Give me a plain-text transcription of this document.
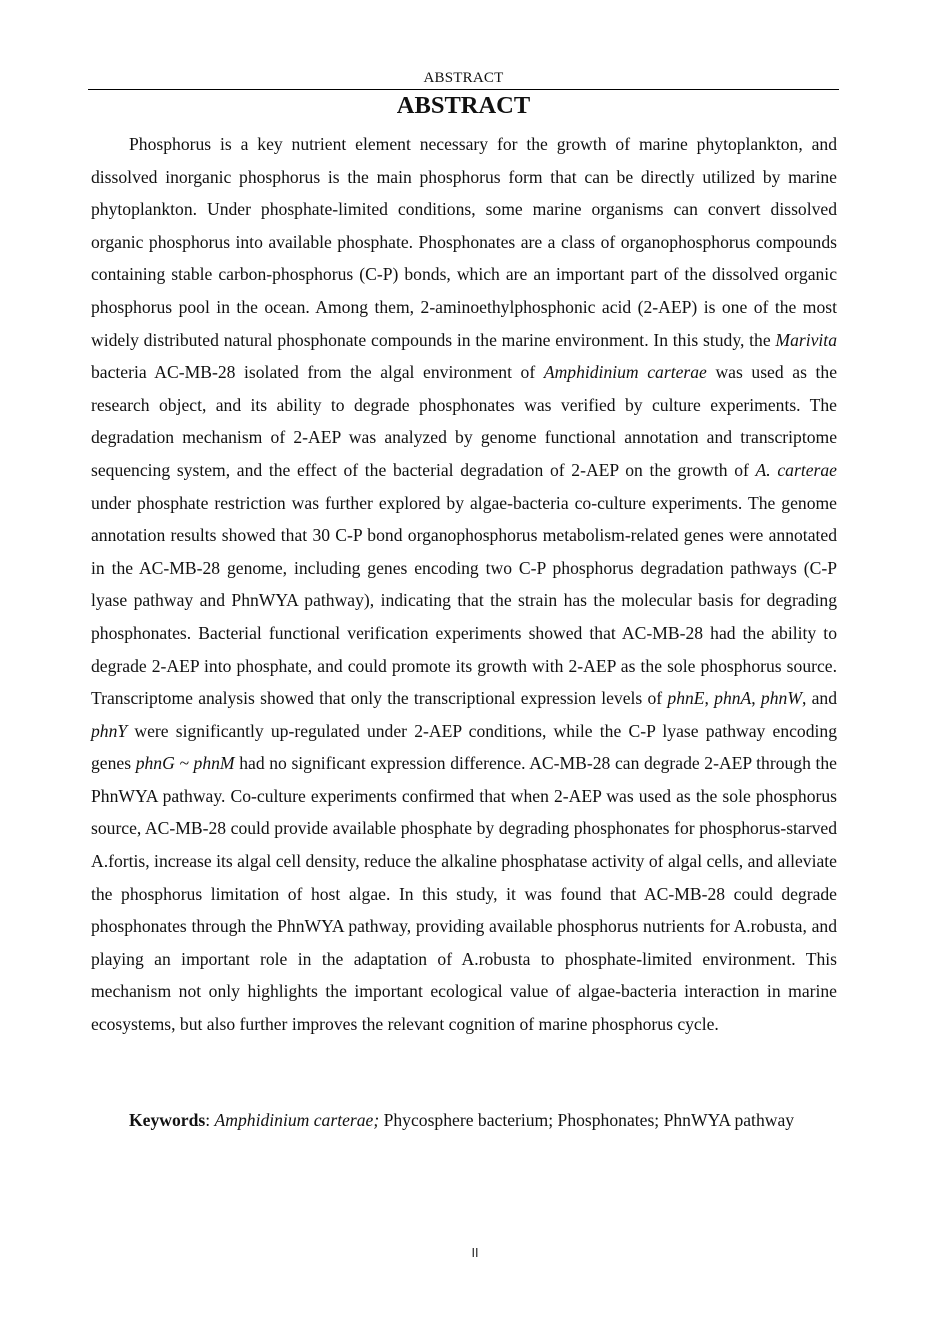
ABSTRACT
ABSTRACT

Phosphorus is a key nutrient element necessary for the growth of marine phytoplankton, and dissolved inorganic phosphorus is the main phosphorus form that can be directly utilized by marine phytoplankton. Under phosphate-limited conditions, some marine organisms can convert dissolved organic phosphorus into available phosphate. Phosphonates are a class of organophosphorus compounds containing stable carbon-phosphorus (C-P) bonds, which are an important part of the dissolved organic phosphorus pool in the ocean. Among them, 2-aminoethylphosphonic acid (2-AEP) is one of the most widely distributed natural phosphonate compounds in the marine environment. In this study, the Marivita bacteria AC-MB-28 isolated from the algal environment of Amphidinium carterae was used as the research object, and its ability to degrade phosphonates was verified by culture experiments. The degradation mechanism of 2-AEP was analyzed by genome functional annotation and transcriptome sequencing system, and the effect of the bacterial degradation of 2-AEP on the growth of A. carterae under phosphate restriction was further explored by algae-bacteria co-culture experiments. The genome annotation results showed that 30 C-P bond organophosphorus metabolism-related genes were annotated in the AC-MB-28 genome, including genes encoding two C-P phosphorus degradation pathways (C-P lyase pathway and PhnWYA pathway), indicating that the strain has the molecular basis for degrading phosphonates. Bacterial functional verification experiments showed that AC-MB-28 had the ability to degrade 2-AEP into phosphate, and could promote its growth with 2-AEP as the sole phosphorus source. Transcriptome analysis showed that only the transcriptional expression levels of phnE, phnA, phnW, and phnY were significantly up-regulated under 2-AEP conditions, while the C-P lyase pathway encoding genes phnG ~ phnM had no significant expression difference. AC-MB-28 can degrade 2-AEP through the PhnWYA pathway. Co-culture experiments confirmed that when 2-AEP was used as the sole phosphorus source, AC-MB-28 could provide available phosphate by degrading phosphonates for phosphorus-starved A.fortis, increase its algal cell density, reduce the alkaline phosphatase activity of algal cells, and alleviate the phosphorus limitation of host algae. In this study, it was found that AC-MB-28 could degrade phosphonates through the PhnWYA pathway, providing available phosphorus nutrients for A.robusta, and playing an important role in the adaptation of A.robusta to phosphate-limited environment. This mechanism not only highlights the important ecological value of algae-bacteria interaction in marine ecosystems, but also further improves the relevant cognition of marine phosphorus cycle.

Keywords: Amphidinium carterae; Phycosphere bacterium; Phosphonates; PhnWYA pathway

II
